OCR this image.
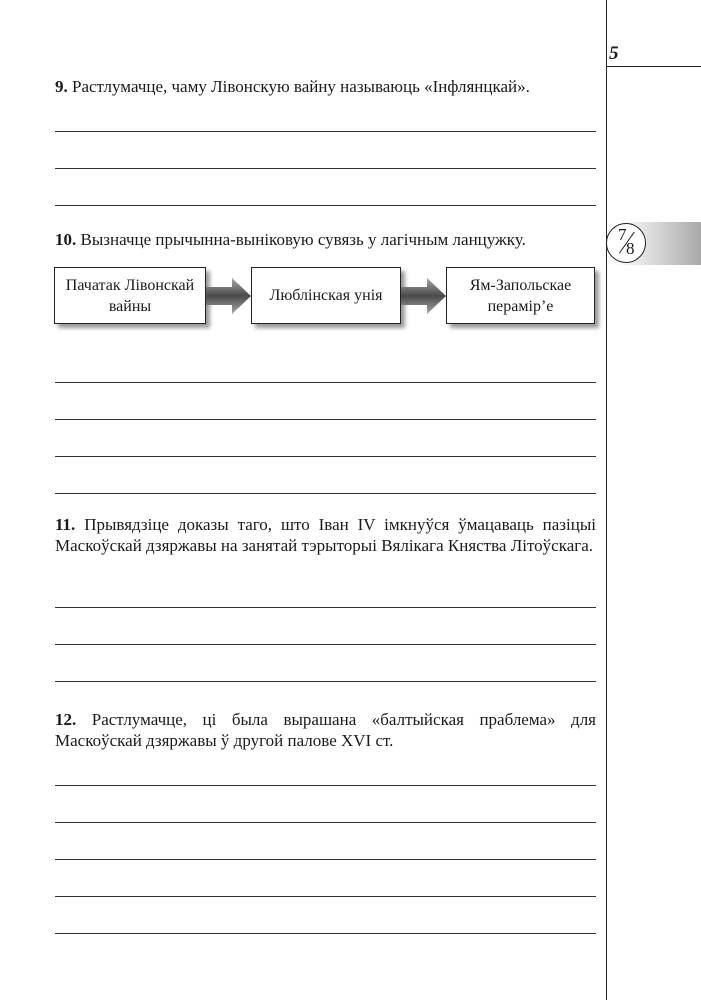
5
7
8
9. Растлумачце, чаму Лівонскую вайну называюць «Інфлянцкай».
10. Вызначце прычынна-выніковую сувязь у лагічным ланцужку.
Пачатак Лівонскай вайны
Люблінская унія
Ям-Запольскае перамір’е
11. Прывядзіце доказы таго, што Іван IV імкнуўся ўмацаваць пазіцыі Маскоўскай дзяржавы на занятай тэрыторыі Вялікага Княства Літоўскага.
12. Растлумачце, ці была вырашана «балтыйская праблема» для Маскоўскай дзяржавы ў другой палове XVI ст.
